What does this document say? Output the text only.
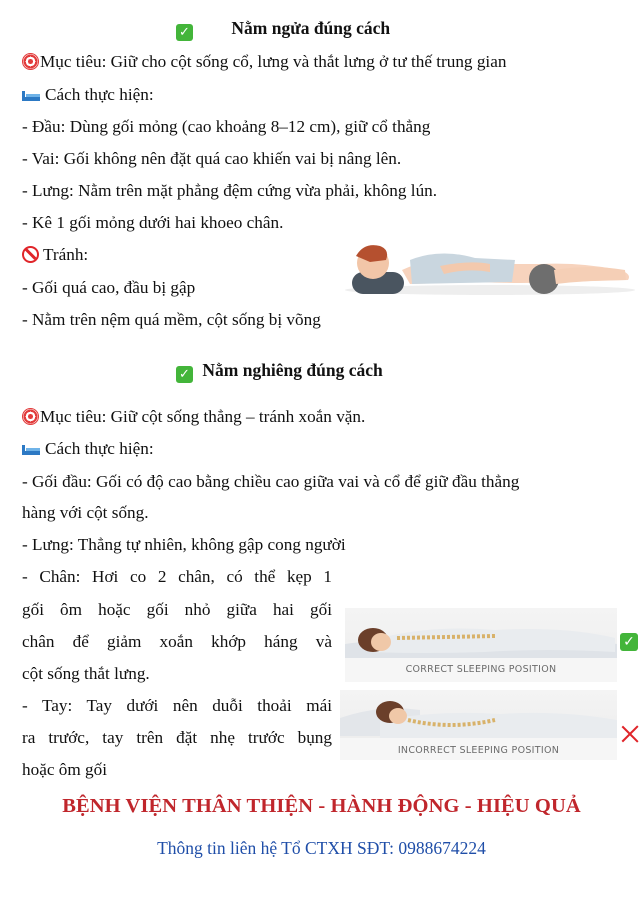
✓ Nằm ngửa đúng cách
Mục tiêu: Giữ cho cột sống cổ, lưng và thắt lưng ở tư thế trung gian
Cách thực hiện:
- Đầu: Dùng gối mỏng (cao khoảng 8–12 cm), giữ cổ thẳng
- Vai: Gối không nên đặt quá cao khiến vai bị nâng lên.
- Lưng: Nằm trên mặt phẳng đệm cứng vừa phải, không lún.
- Kê 1 gối mỏng dưới hai khoeo chân.
Tránh:
- Gối quá cao, đầu bị gập
- Nằm trên nệm quá mềm, cột sống bị võng
✓ Nằm nghiêng đúng cách
Mục tiêu: Giữ cột sống thẳng – tránh xoắn vặn.
Cách thực hiện:
- Gối đầu: Gối có độ cao bằng chiều cao giữa vai và cổ để giữ đầu thẳng
hàng với cột sống.
- Lưng: Thẳng tự nhiên, không gập cong người
- Chân: Hơi co 2 chân, có thể kẹp 1
gối ôm hoặc gối nhỏ giữa hai gối
chân để giảm xoắn khớp háng và
cột sống thắt lưng.
- Tay: Tay dưới nên duỗi thoải mái
ra trước, tay trên đặt nhẹ trước bụng
hoặc ôm gối
CORRECT SLEEPING POSITION
✓
INCORRECT SLEEPING POSITION
BỆNH VIỆN THÂN THIỆN - HÀNH ĐỘNG - HIỆU QUẢ
Thông tin liên hệ Tổ CTXH SĐT: 0988674224
